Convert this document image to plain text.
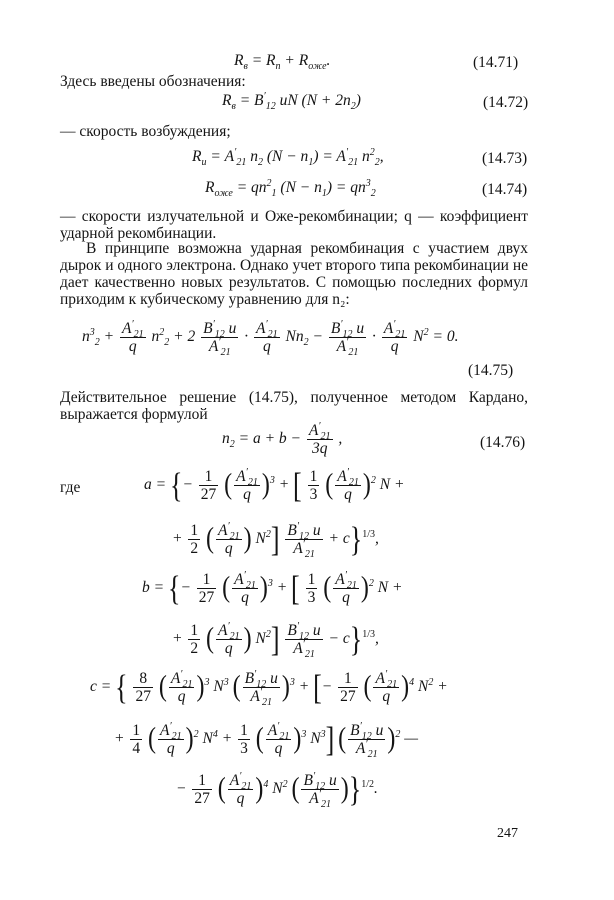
$R_в = R_п + R_{оже}$.	(14.71)
Здесь введены обозначения:
$R_в = B'_{12}$ uN $(N + 2n_2)$	(14.72)
— скорость возбуждения;
$R_и = A'_{21}$ $n_2$ $(N - n_1) = A'_{21}$ $n^2_2$,	(14.73)
$R_{оже} = qn^2_1$ $(N - n_1) = qn^3_2$	(14.74)
— скорости излучательной и Оже-рекомбинации; q — коэффициент ударной рекомбинации.
В принципе возможна ударная рекомбинация с участием двух дырок и одного электрона. Однако учет второго типа рекомбинации не дает качественно новых результатов. С помощью последних формул приходим к кубическому уравнению для n₂:
$n^3_2 + \frac{A'_{21}}{q} n^2_2 + 2 \frac{B'_{12} u}{A'_{21}} \cdot \frac{A'_{21}}{q} Nn_2 - \frac{B'_{12} u}{A'_{21}} \cdot \frac{A'_{21}}{q} N^2 = 0$.
(14.75)
Действительное решение (14.75), полученное методом Кардано, выражается формулой
$n_2 = a + b - \frac{A'_{21}}{3q}$ ,	(14.76)
где	a = {− $\frac{1}{27}$ ( $\frac{A'_{21}}{q} )^3$ + [ $\frac{1}{3}$ ( $\frac{A'_{21}}{q} )^2$ N +
+ $\frac{1}{2}$ ( $\frac{A'_{21}}{q}$ ) $N^2] \frac{B'_{12} u}{A'_{21}} + c\}^{1/3}$,
b = {− $\frac{1}{27}$ ( $\frac{A'_{21}}{q} )^3$ + [ $\frac{1}{3}$ ( $\frac{A'_{21}}{q} )^2$ N +
+ $\frac{1}{2}$ ( $\frac{A'_{21}}{q}$ ) $N^2] \frac{B'_{12} u}{A'_{21}} - c\}^{1/3}$,
c = { $\frac{8}{27}$ ( $\frac{A'_{21}}{q} )^3$ $N^3$ ( $\frac{B'_{12} u}{A'_{21}} )^3$ + [− $\frac{1}{27}$ ( $\frac{A'_{21}}{q} )^4$ $N^2$ +
+ $\frac{1}{4}$ ( $\frac{A'_{21}}{q} )^2$ $N^4 + \frac{1}{3}$ ( $\frac{A'_{21}}{q} )^3$ $N^3$] ( $\frac{B'_{12} u}{A'_{21}} )^2$ —
− $\frac{1}{27}$ ( $\frac{A'_{21}}{q} )^4$ $N^2$ ( $\frac{B'_{12} u}{A'_{21}} )\}^{1/2}$.
247
